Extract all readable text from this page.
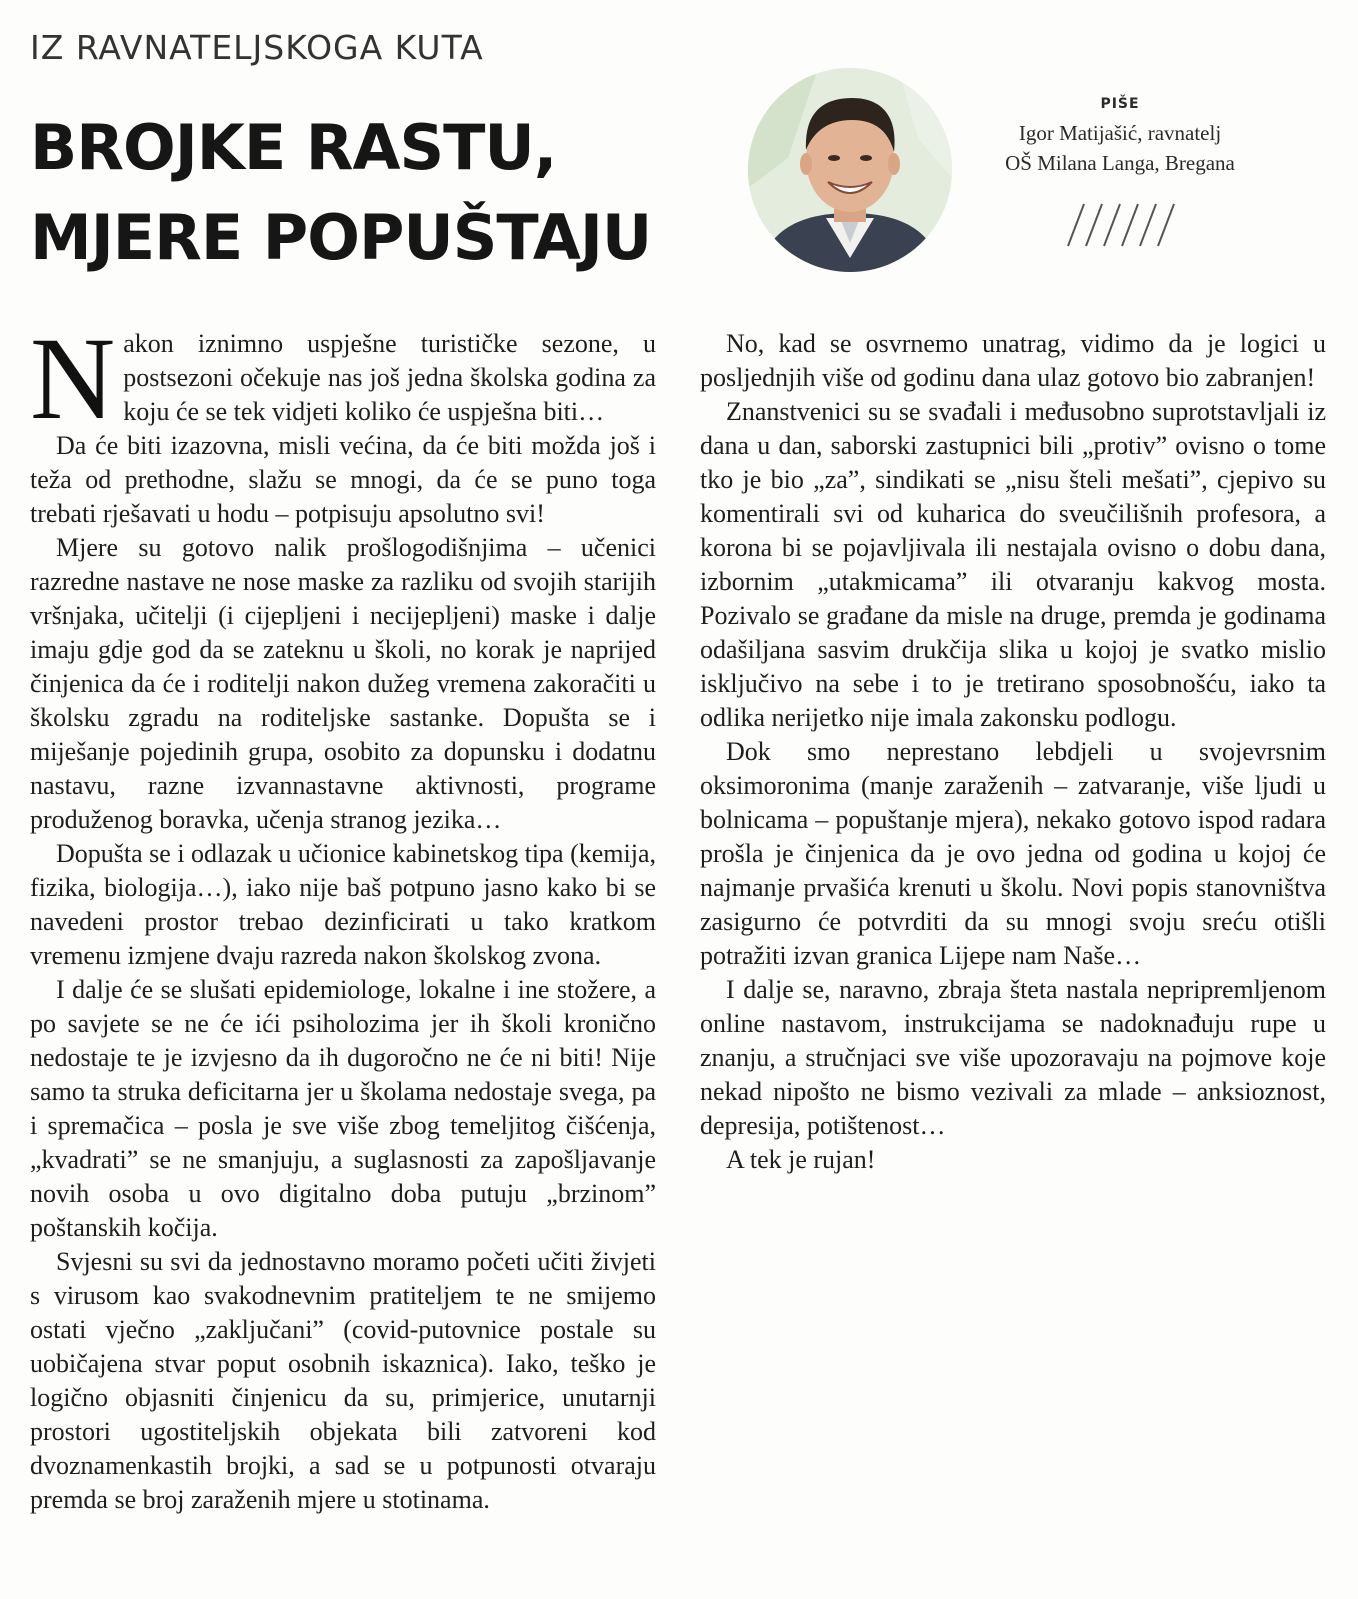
IZ RAVNATELJSKOGA KUTA
BROJKE RASTU,
MJERE POPUŠTAJU
PIŠE
Igor Matijašić, ravnatelj
OŠ Milana Langa, Bregana

Nakon iznimno uspješne turističke sezone, u postsezoni očekuje nas još jedna školska godina za koju će se tek vidjeti koliko će uspješna biti…

Da će biti izazovna, misli većina, da će biti možda još i teža od prethodne, slažu se mnogi, da će se puno toga trebati rješavati u hodu – potpisuju apsolutno svi!

Mjere su gotovo nalik prošlogodišnjima – učenici razredne nastave ne nose maske za razliku od svojih starijih vršnjaka, učitelji (i cijepljeni i necijepljeni) maske i dalje imaju gdje god da se zateknu u školi, no korak je naprijed činjenica da će i roditelji nakon dužeg vremena zakoračiti u školsku zgradu na roditeljske sastanke. Dopušta se i miješanje pojedinih grupa, osobito za dopunsku i dodatnu nastavu, razne izvannastavne aktivnosti, programe produženog boravka, učenja stranog jezika…

Dopušta se i odlazak u učionice kabinetskog tipa (kemija, fizika, biologija…), iako nije baš potpuno jasno kako bi se navedeni prostor trebao dezinficirati u tako kratkom vremenu izmjene dvaju razreda nakon školskog zvona.

I dalje će se slušati epidemiologe, lokalne i ine stožere, a po savjete se ne će ići psiholozima jer ih školi kronično nedostaje te je izvjesno da ih dugoročno ne će ni biti! Nije samo ta struka deficitarna jer u školama nedostaje svega, pa i spremačica – posla je sve više zbog temeljitog čišćenja, „kvadrati” se ne smanjuju, a suglasnosti za zapošljavanje novih osoba u ovo digitalno doba putuju „brzinom” poštanskih kočija.

Svjesni su svi da jednostavno moramo početi učiti živjeti s virusom kao svakodnevnim pratiteljem te ne smijemo ostati vječno „zaključani” (covid-putovnice postale su uobičajena stvar poput osobnih iskaznica). Iako, teško je logično objasniti činjenicu da su, primjerice, unutarnji prostori ugostiteljskih objekata bili zatvoreni kod dvoznamenkastih brojki, a sad se u potpunosti otvaraju premda se broj zaraženih mjere u stotinama.

No, kad se osvrnemo unatrag, vidimo da je logici u posljednjih više od godinu dana ulaz gotovo bio zabranjen!

Znanstvenici su se svađali i međusobno suprotstavljali iz dana u dan, saborski zastupnici bili „protiv” ovisno o tome tko je bio „za”, sindikati se „nisu šteli mešati”, cjepivo su komentirali svi od kuharica do sveučilišnih profesora, a korona bi se pojavljivala ili nestajala ovisno o dobu dana, izbornim „utakmicama” ili otvaranju kakvog mosta. Pozivalo se građane da misle na druge, premda je godinama odašiljana sasvim drukčija slika u kojoj je svatko mislio isključivo na sebe i to je tretirano sposobnošću, iako ta odlika nerijetko nije imala zakonsku podlogu.

Dok smo neprestano lebdjeli u svojevrsnim oksimoronima (manje zaraženih – zatvaranje, više ljudi u bolnicama – popuštanje mjera), nekako gotovo ispod radara prošla je činjenica da je ovo jedna od godina u kojoj će najmanje prvašića krenuti u školu. Novi popis stanovništva zasigurno će potvrditi da su mnogi svoju sreću otišli potražiti izvan granica Lijepe nam Naše…

I dalje se, naravno, zbraja šteta nastala nepripremljenom online nastavom, instrukcijama se nadoknađuju rupe u znanju, a stručnjaci sve više upozoravaju na pojmove koje nekad nipošto ne bismo vezivali za mlade – anksioznost, depresija, potištenost…

A tek je rujan!
